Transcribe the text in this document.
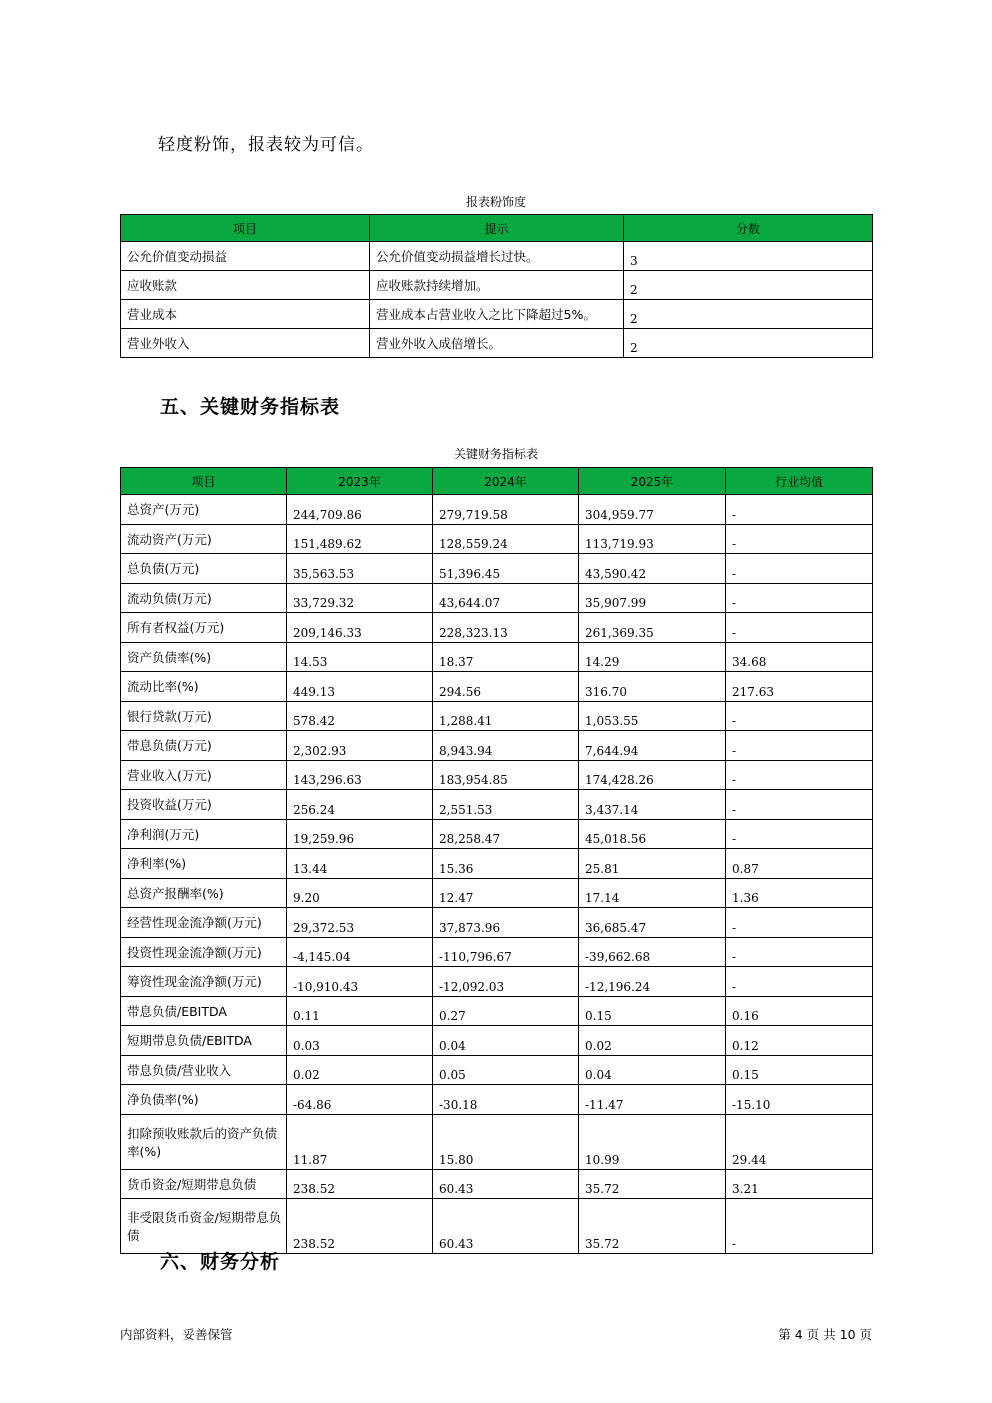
轻度粉饰，报表较为可信。
报表粉饰度
项目	提示	分数
公允价值变动损益	公允价值变动损益增长过快。	3
应收账款	应收账款持续增加。	2
营业成本	营业成本占营业收入之比下降超过5%。	2
营业外收入	营业外收入成倍增长。	2
五、关键财务指标表
关键财务指标表
项目	2023年	2024年	2025年	行业均值
总资产(万元)	244,709.86	279,719.58	304,959.77	-
流动资产(万元)	151,489.62	128,559.24	113,719.93	-
总负债(万元)	35,563.53	51,396.45	43,590.42	-
流动负债(万元)	33,729.32	43,644.07	35,907.99	-
所有者权益(万元)	209,146.33	228,323.13	261,369.35	-
资产负债率(%)	14.53	18.37	14.29	34.68
流动比率(%)	449.13	294.56	316.70	217.63
银行贷款(万元)	578.42	1,288.41	1,053.55	-
带息负债(万元)	2,302.93	8,943.94	7,644.94	-
营业收入(万元)	143,296.63	183,954.85	174,428.26	-
投资收益(万元)	256.24	2,551.53	3,437.14	-
净利润(万元)	19,259.96	28,258.47	45,018.56	-
净利率(%)	13.44	15.36	25.81	0.87
总资产报酬率(%)	9.20	12.47	17.14	1.36
经营性现金流净额(万元)	29,372.53	37,873.96	36,685.47	-
投资性现金流净额(万元)	-4,145.04	-110,796.67	-39,662.68	-
筹资性现金流净额(万元)	-10,910.43	-12,092.03	-12,196.24	-
带息负债/EBITDA	0.11	0.27	0.15	0.16
短期带息负债/EBITDA	0.03	0.04	0.02	0.12
带息负债/营业收入	0.02	0.05	0.04	0.15
净负债率(%)	-64.86	-30.18	-11.47	-15.10
扣除预收账款后的资产负债率(%)	11.87	15.80	10.99	29.44
货币资金/短期带息负债	238.52	60.43	35.72	3.21
非受限货币资金/短期带息负债	238.52	60.43	35.72	-
六、财务分析
内部资料，妥善保管	第 4 页 共 10 页
